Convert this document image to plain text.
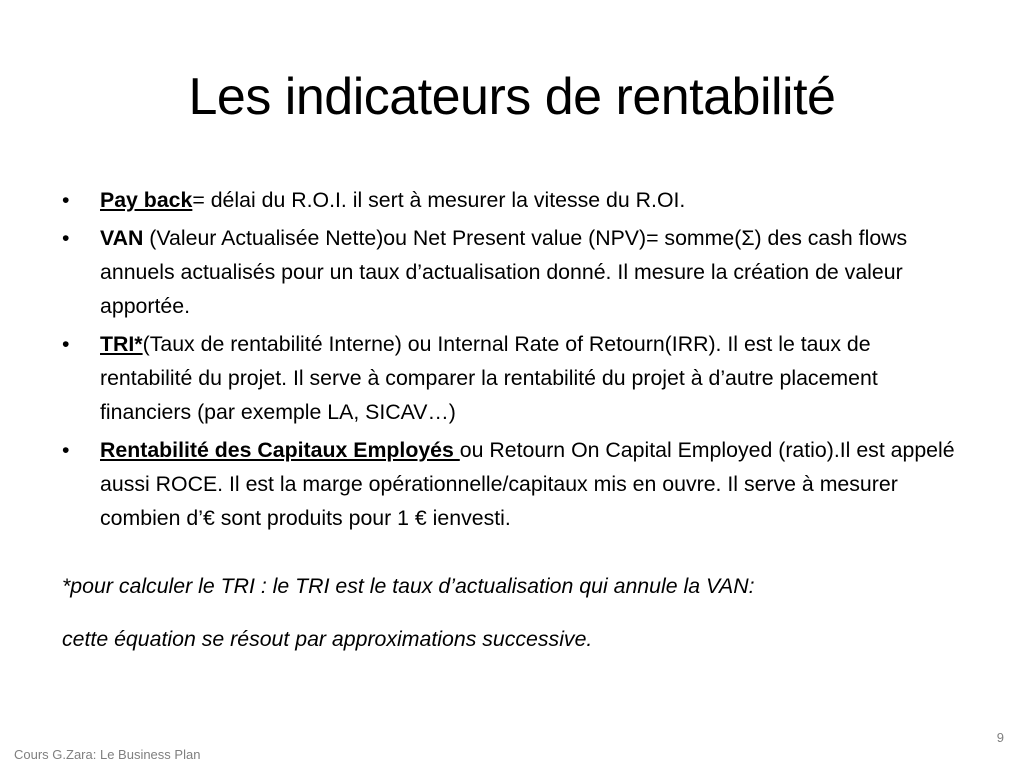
Les indicateurs de rentabilité
•	Pay back= délai du R.O.I. il sert à mesurer la vitesse du R.OI.
•	VAN (Valeur Actualisée Nette)ou Net Present value (NPV)= somme(Σ) des cash flows annuels actualisés pour un taux d’actualisation donné. Il mesure la création de valeur apportée.
•	TRI*(Taux de rentabilité Interne) ou Internal Rate of Retourn(IRR). Il est le taux de rentabilité du projet. Il serve à comparer la rentabilité du projet à d’autre placement financiers (par exemple LA, SICAV…)
•	Rentabilité des Capitaux Employés ou Retourn On Capital Employed (ratio).Il est appelé aussi ROCE. Il est la marge opérationnelle/capitaux mis en ouvre. Il serve à mesurer combien d’€ sont produits pour 1 € ienvesti.

*pour calculer le TRI : le TRI est le taux d’actualisation qui annule la VAN:

cette équation se résout par approximations successive.

Cours G.Zara: Le Business Plan
9
